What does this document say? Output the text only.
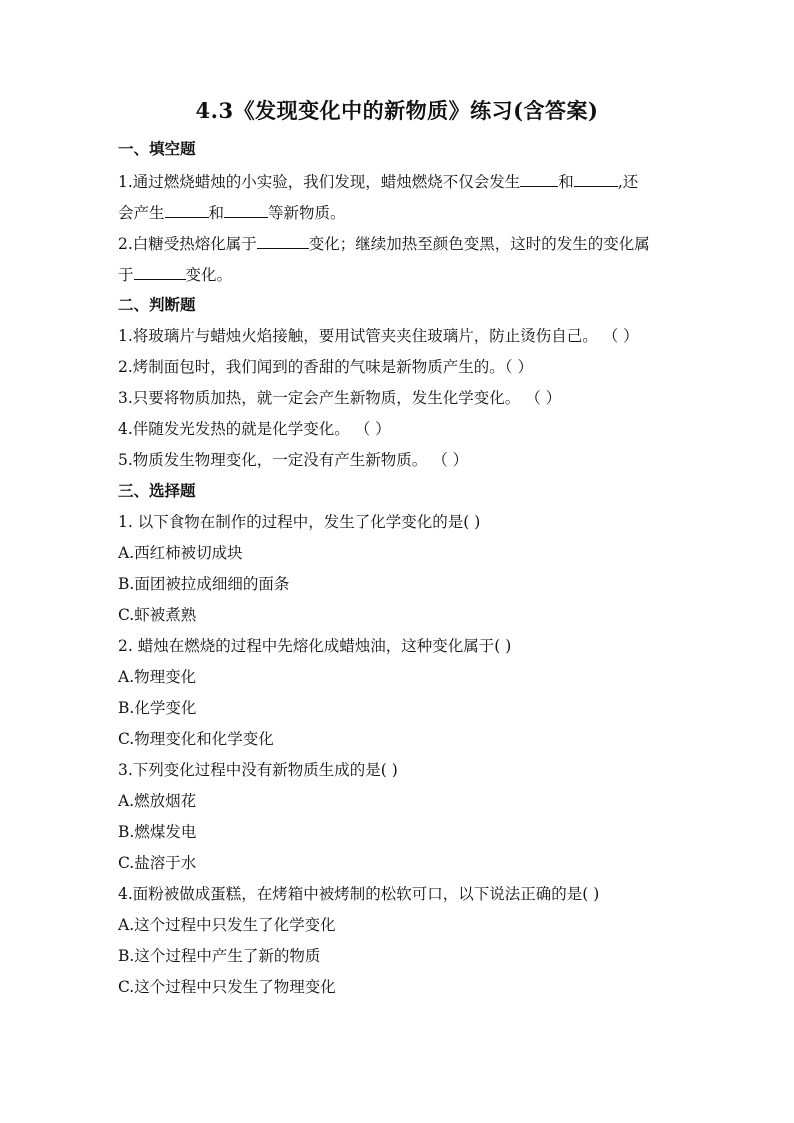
4.3《发现变化中的新物质》练习(含答案)
一、填空题
1.通过燃烧蜡烛的小实验，我们发现，蜡烛燃烧不仅会发生 和	,还
会产生	和	等新物质。
2.白糖受热熔化属于	变化；继续加热至颜色变黑，这时的发生的变化属
于	变化。
二、判断题
1.将玻璃片与蜡烛火焰接触，要用试管夹夹住玻璃片，防止烫伤自己。 （ ）
2.烤制面包时，我们闻到的香甜的气味是新物质产生的。（ ）
3.只要将物质加热，就一定会产生新物质，发生化学变化。 （ ）
4.伴随发光发热的就是化学变化。 （ ）
5.物质发生物理变化，一定没有产生新物质。 （ ）
三、选择题
1. 以下食物在制作的过程中，发生了化学变化的是( )
A.西红柿被切成块
B.面团被拉成细细的面条
C.虾被煮熟
2. 蜡烛在燃烧的过程中先熔化成蜡烛油，这种变化属于( )
A.物理变化
B.化学变化
C.物理变化和化学变化
3.下列变化过程中没有新物质生成的是( )
A.燃放烟花
B.燃煤发电
C.盐溶于水
4.面粉被做成蛋糕，在烤箱中被烤制的松软可口，以下说法正确的是( )
A.这个过程中只发生了化学变化
B.这个过程中产生了新的物质
C.这个过程中只发生了物理变化
